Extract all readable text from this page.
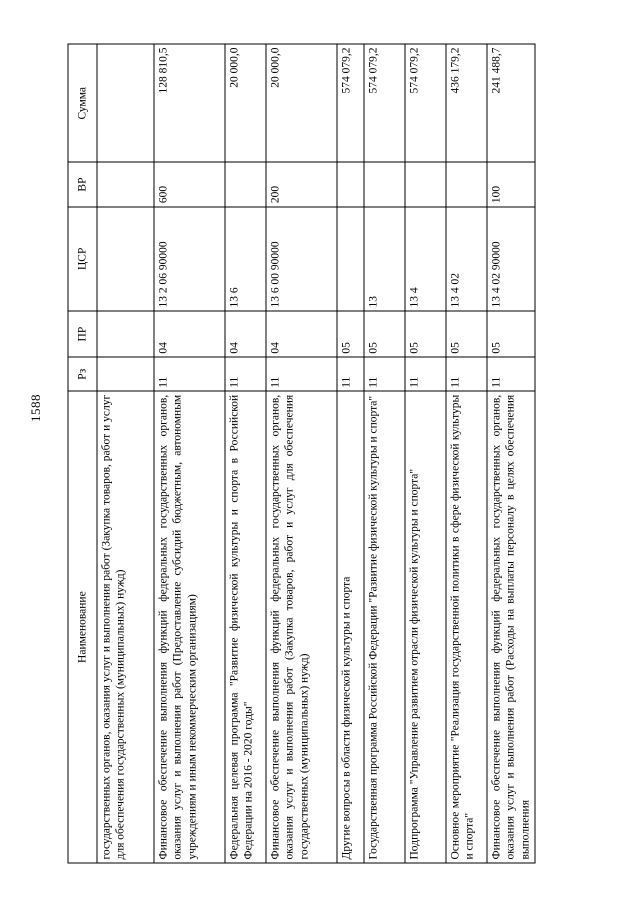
1588
Наименование	Рз	ПР	ЦСР	ВР	Сумма
государственных органов, оказания услуг и выполнения работ (Закупка товаров, работ и услуг для обеспечения государственных (муниципальных) нужд)					
Финансовое обеспечение выполнения функций федеральных государственных органов, оказания услуг и выполнения работ (Предоставление субсидий бюджетным, автономным учреждениям и иным некоммерческим организациям)	11	04	13 2 06 90000	600	128 810,5
Федеральная целевая программа "Развитие физической культуры и спорта в Российской Федерации на 2016 - 2020 годы"	11	04	13 6		20 000,0
Финансовое обеспечение выполнения функций федеральных государственных органов, оказания услуг и выполнения работ (Закупка товаров, работ и услуг для обеспечения государственных (муниципальных) нужд)	11	04	13 6 00 90000	200	20 000,0
Другие вопросы в области физической культуры и спорта	11	05			574 079,2
Государственная программа Российской Федерации "Развитие физической культуры и спорта"	11	05	13		574 079,2
Подпрограмма "Управление развитием отрасли физической культуры и спорта"	11	05	13 4		574 079,2
Основное мероприятие "Реализация государственной политики в сфере физической культуры и спорта"	11	05	13 4 02		436 179,2
Финансовое обеспечение выполнения функций федеральных государственных органов, оказания услуг и выполнения работ (Расходы на выплаты персоналу в целях обеспечения выполнения	11	05	13 4 02 90000	100	241 488,7
